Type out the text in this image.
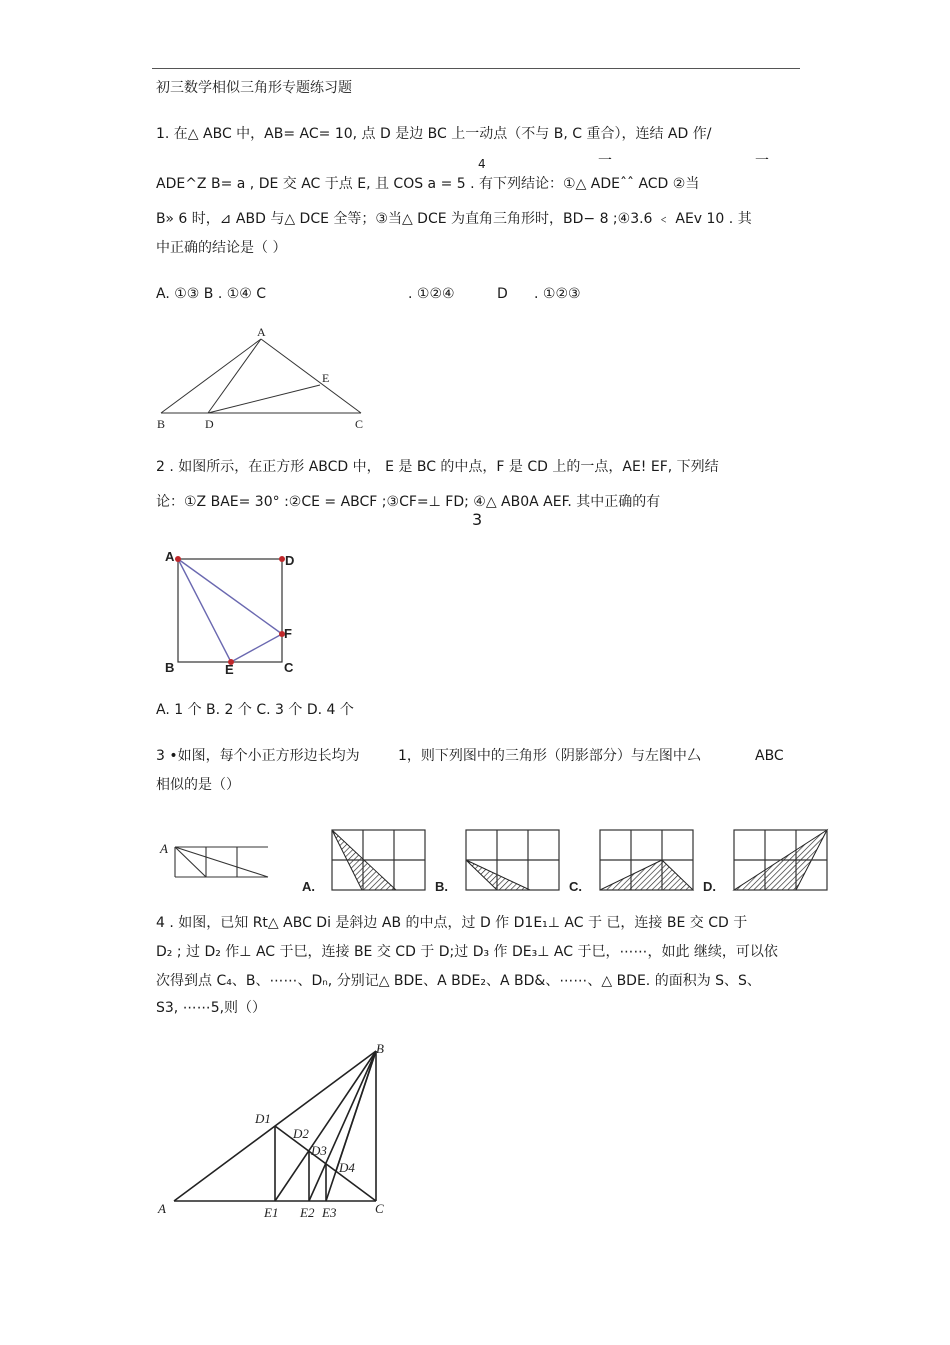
初三数学相似三角形专题练习题
1. 在△ ABC 中，AB= AC= 10, 点 D 是边 BC 上一动点（不与 B, C 重合），连结 AD 作/
4	一	一
ADE^Z B= a , DE 交 AC 于点 E, 且 COS a = 5 . 有下列结论：①△ ADEˆˆ ACD ②当
B» 6 时，⊿ ABD 与△ DCE 全等；③当△ DCE 为直角三角形时，BD− 8 ;④3.6 ﹤ AEv 10 . 其
中正确的结论是（ ）
A. ①③ B . ①④ C	. ①②④	D . ①②③
A
B	C
D
E
2 . 如图所示，在正方形 ABCD 中， E 是 BC 的中点，F 是 CD 上的一点，AE! EF, 下列结
论：①Z BAE= 30° :②CE = ABCF ;③CF=⊥ FD; ④△ AB0A AEF. 其中正确的有
3
A	D
F
B	C
E
A. 1 个 B. 2 个 C. 3 个 D. 4 个
3 •如图，每个小正方形边长均为	1，则下列图中的三角形（阴影部分）与左图中厶	ABC
相似的是（）
A
A.	B.	C.	D.
4 . 如图，已知 Rt△ ABC Di 是斜边 AB 的中点，过 D 作 D1E₁⊥ AC 于 已，连接 BE 交 CD 于
D₂ ; 过 D₂ 作⊥ AC 于巳，连接 BE 交 CD 于 D;过 D₃ 作 DE₃⊥ AC 于巳，⋯⋯，如此 继续，可以依
次得到点 C₄、B、⋯⋯、Dₙ, 分别记△ BDE、A BDE₂、A BD&、⋯⋯、△ BDE. 的面积为 S、S、
S3, ⋯⋯5,则（）
B
A	C
D1
D2
D3
D4
E1 E2 E3
